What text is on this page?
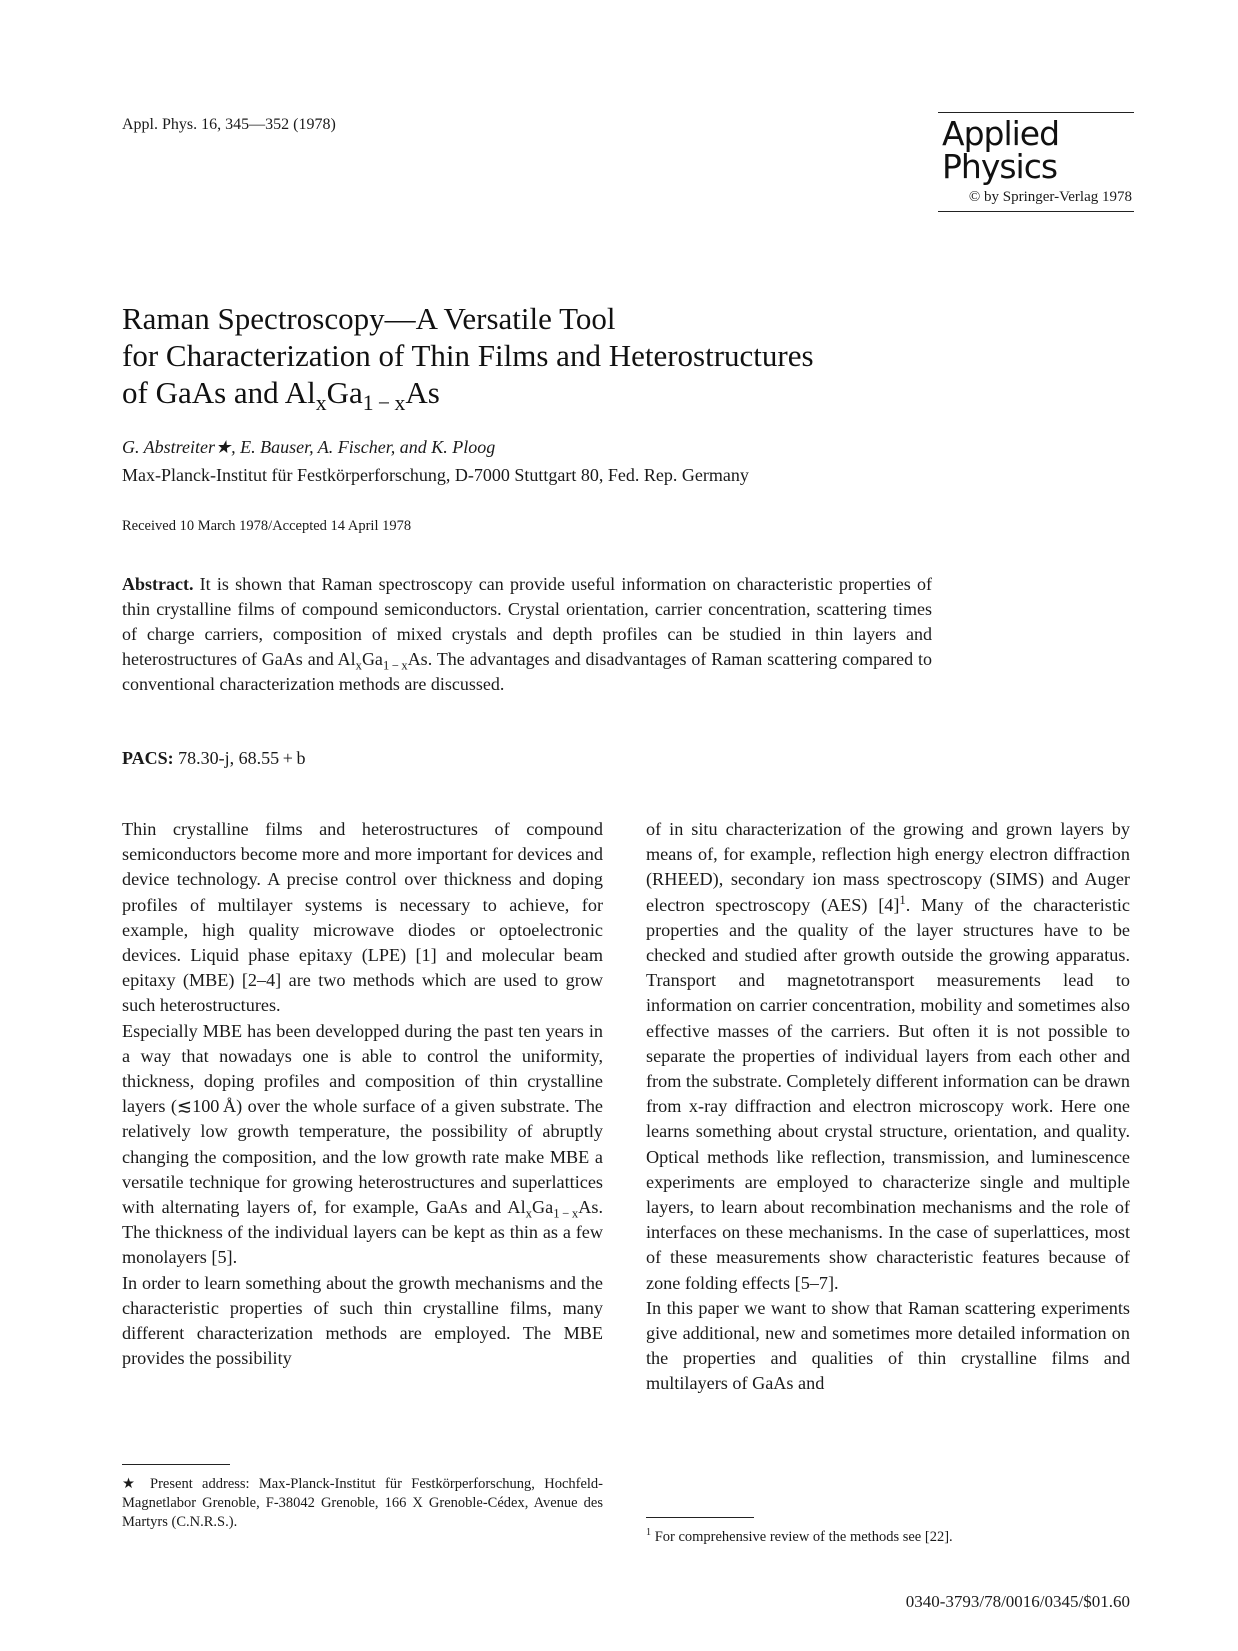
Appl. Phys. 16, 345—352 (1978)	Applied
Physics
© by Springer-Verlag 1978
Raman Spectroscopy—A Versatile Tool
for Characterization of Thin Films and Heterostructures
of GaAs and $Al_xGa_{1 - x}As$
G. Abstreiter★, E. Bauser, A. Fischer, and K. Ploog
Max-Planck-Institut für Festkörperforschung, D-7000 Stuttgart 80, Fed. Rep. Germany
Received 10 March 1978/Accepted 14 April 1978
Abstract. It is shown that Raman spectroscopy can provide useful information on characteristic properties of thin crystalline films of compound semiconductors. Crystal orientation, carrier concentration, scattering times of charge carriers, composition of mixed crystals and depth profiles can be studied in thin layers and heterostructures of GaAs and $Al_xGa_{1 - x}As$. The advantages and disadvantages of Raman scattering compared to conventional characterization methods are discussed.
PACS: 78.30-j, 68.55 + b

Thin crystalline films and heterostructures of compound semiconductors become more and more important for devices and device technology. A precise control over thickness and doping profiles of multilayer systems is necessary to achieve, for example, high quality microwave diodes or optoelectronic devices. Liquid phase epitaxy (LPE) [1] and molecular beam epitaxy (MBE) [2–4] are two methods which are used to grow such heterostructures.

Especially MBE has been developped during the past ten years in a way that nowadays one is able to control the uniformity, thickness, doping profiles and composition of thin crystalline layers (≲100 Å) over the whole surface of a given substrate. The relatively low growth temperature, the possibility of abruptly changing the composition, and the low growth rate make MBE a versatile technique for growing heterostructures and superlattices with alternating layers of, for example, GaAs and $Al_xGa_{1 - x}As$. The thickness of the individual layers can be kept as thin as a few monolayers [5].

In order to learn something about the growth mechanisms and the characteristic properties of such thin crystalline films, many different characterization methods are employed. The MBE provides the possibility

of in situ characterization of the growing and grown layers by means of, for example, reflection high energy electron diffraction (RHEED), secondary ion mass spectroscopy (SIMS) and Auger electron spectroscopy (AES) $[4]^1$. Many of the characteristic properties and the quality of the layer structures have to be checked and studied after growth outside the growing apparatus. Transport and magnetotransport measurements lead to information on carrier concentration, mobility and sometimes also effective masses of the carriers. But often it is not possible to separate the properties of individual layers from each other and from the substrate. Completely different information can be drawn from x-ray diffraction and electron microscopy work. Here one learns something about crystal structure, orientation, and quality. Optical methods like reflection, transmission, and luminescence experiments are employed to characterize single and multiple layers, to learn about recombination mechanisms and the role of interfaces on these mechanisms. In the case of superlattices, most of these measurements show characteristic features because of zone folding effects [5–7].

In this paper we want to show that Raman scattering experiments give additional, new and sometimes more detailed information on the properties and qualities of thin crystalline films and multilayers of GaAs and

★ Present address: Max-Planck-Institut für Festkörperforschung, Hochfeld-Magnetlabor Grenoble, F-38042 Grenoble, 166 X Grenoble-Cédex, Avenue des Martyrs (C.N.R.S.).
$^1$ For comprehensive review of the methods see [22].
0340-3793/78/0016/0345/$01.60
